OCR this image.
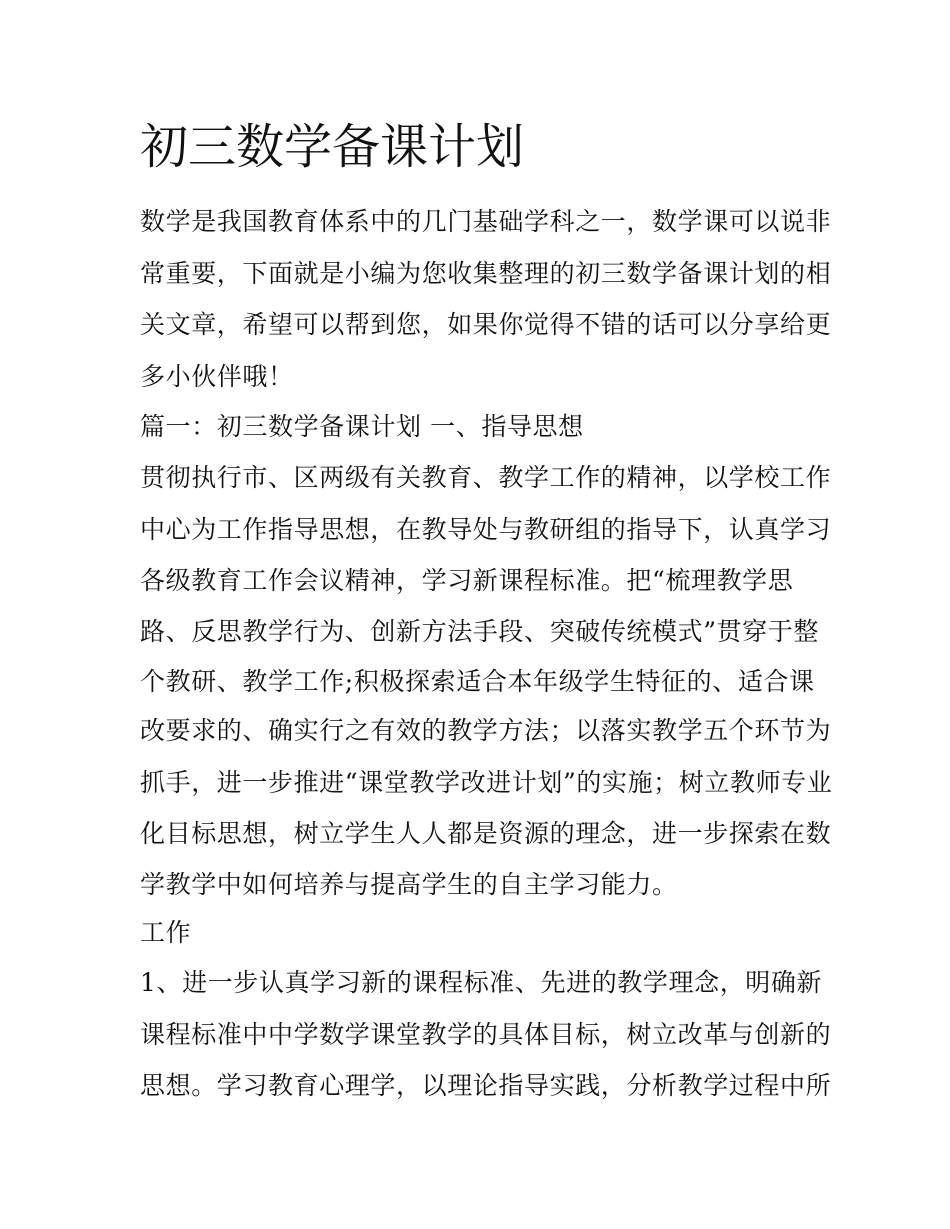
初三数学备课计划
数学是我国教育体系中的几门基础学科之一，数学课可以说非
常重要，下面就是小编为您收集整理的初三数学备课计划的相
关文章，希望可以帮到您，如果你觉得不错的话可以分享给更
多小伙伴哦！
篇一：初三数学备课计划 一、指导思想
贯彻执行市、区两级有关教育、教学工作的精神，以学校工作
中心为工作指导思想，在教导处与教研组的指导下，认真学习
各级教育工作会议精神，学习新课程标准。把“梳理教学思
路、反思教学行为、创新方法手段、突破传统模式”贯穿于整
个教研、教学工作;积极探索适合本年级学生特征的、适合课
改要求的、确实行之有效的教学方法；以落实教学五个环节为
抓手，进一步推进“课堂教学改进计划”的实施；树立教师专业
化目标思想，树立学生人人都是资源的理念，进一步探索在数
学教学中如何培养与提高学生的自主学习能力。
工作
1、进一步认真学习新的课程标准、先进的教学理念，明确新
课程标准中中学数学课堂教学的具体目标，树立改革与创新的
思想。学习教育心理学，以理论指导实践，分析教学过程中所
